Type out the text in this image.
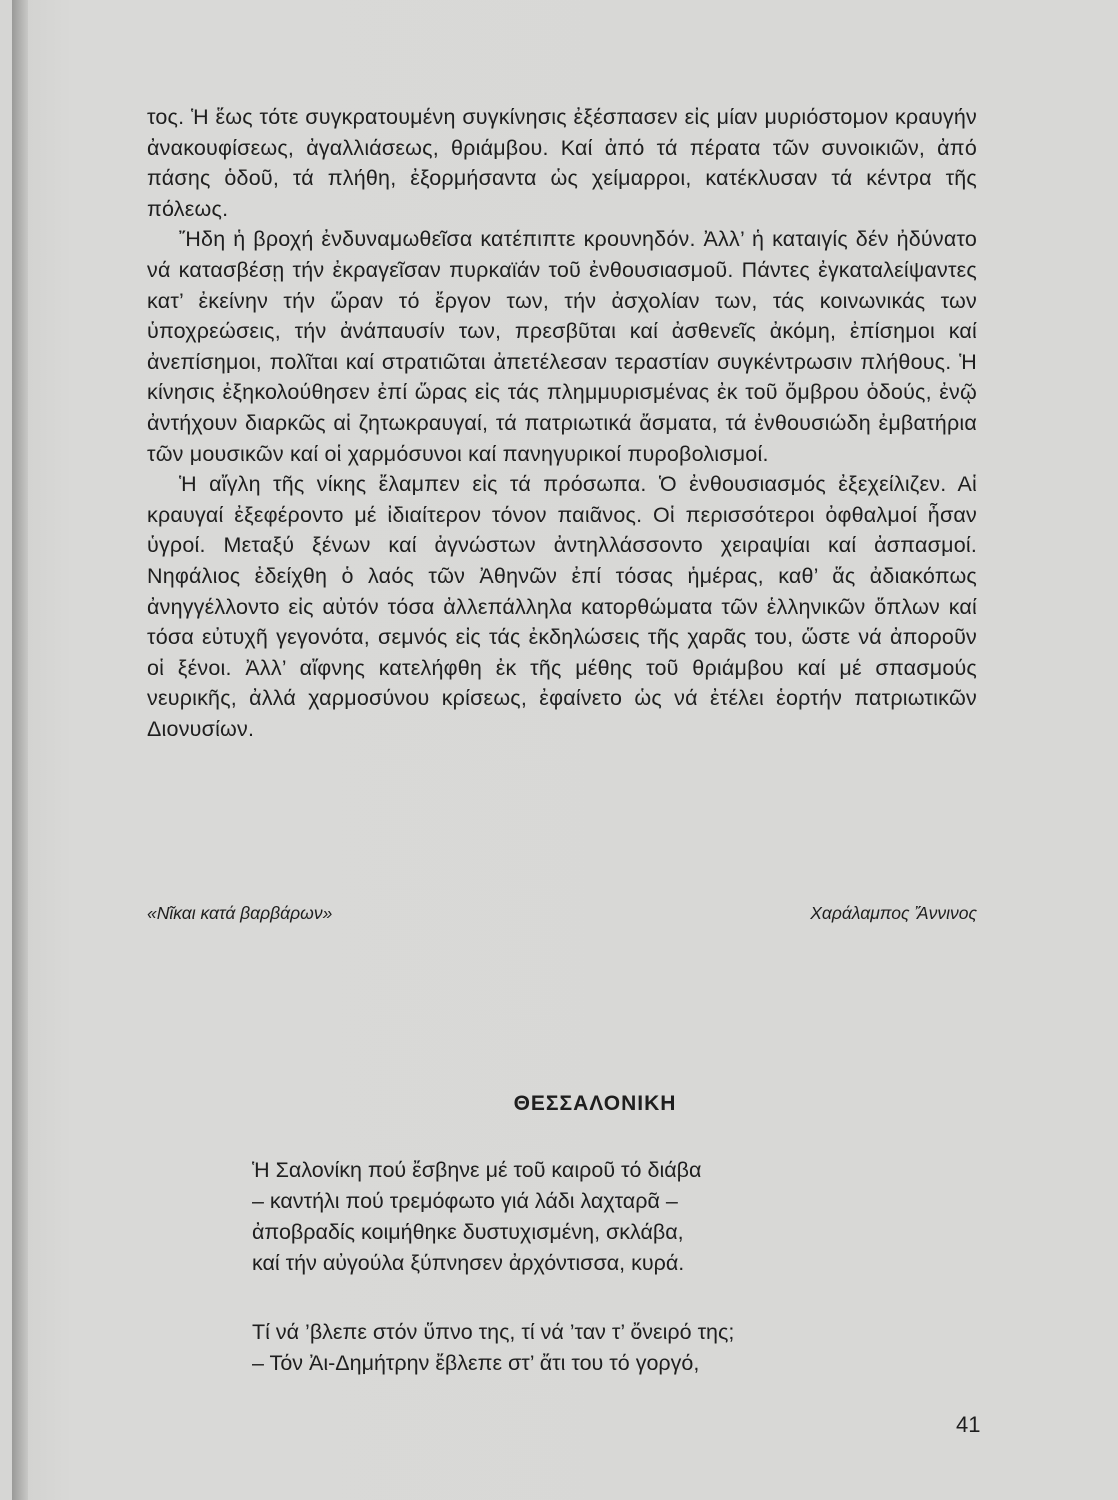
τος. Ἡ ἕως τότε συγκρατουμένη συγκίνησις ἐξέσπασεν εἰς μίαν μυριόστομον κραυγήν ἀνακουφίσεως, ἀγαλλιάσεως, θριάμβου. Καί ἀπό τά πέρατα τῶν συνοικιῶν, ἀπό πάσης ὁδοῦ, τά πλήθη, ἐξορμήσαντα ὡς χείμαρροι, κατέκλυσαν τά κέντρα τῆς πόλεως.

Ἤδη ἡ βροχή ἐνδυναμωθεῖσα κατέπιπτε κρουνηδόν. Ἀλλ’ ἡ καταιγίς δέν ἠδύνατο νά κατασβέσῃ τήν ἐκραγεῖσαν πυρκαϊάν τοῦ ἐνθουσιασμοῦ. Πάντες ἐγκαταλείψαντες κατ’ ἐκείνην τήν ὥραν τό ἔργον των, τήν ἀσχολίαν των, τάς κοινωνικάς των ὑποχρεώσεις, τήν ἀνάπαυσίν των, πρεσβῦται καί ἀσθενεῖς ἀκόμη, ἐπίσημοι καί ἀνεπίσημοι, πολῖται καί στρατιῶται ἀπετέλεσαν τεραστίαν συγκέντρωσιν πλήθους. Ἡ κίνησις ἐξηκολούθησεν ἐπί ὥρας εἰς τάς πλημμυρισμένας ἐκ τοῦ ὄμβρου ὁδούς, ἐνῷ ἀντήχουν διαρκῶς αἱ ζητωκραυγαί, τά πατριωτικά ἄσματα, τά ἐνθουσιώδη ἐμβατήρια τῶν μουσικῶν καί οἱ χαρμόσυνοι καί πανηγυρικοί πυροβολισμοί.

Ἡ αἴγλη τῆς νίκης ἔλαμπεν εἰς τά πρόσωπα. Ὁ ἐνθουσιασμός ἐξεχείλιζεν. Αἱ κραυγαί ἐξεφέροντο μέ ἰδιαίτερον τόνον παιᾶνος. Οἱ περισσότεροι ὀφθαλμοί ἦσαν ὑγροί. Μεταξύ ξένων καί ἀγνώστων ἀντηλλάσσοντο χειραψίαι καί ἀσπασμοί. Νηφάλιος ἐδείχθη ὁ λαός τῶν Ἀθηνῶν ἐπί τόσας ἡμέρας, καθ’ ἅς ἀδιακόπως ἀνηγγέλλοντο εἰς αὐτόν τόσα ἀλλεπάλληλα κατορθώματα τῶν ἑλληνικῶν ὅπλων καί τόσα εὐτυχῆ γεγονότα, σεμνός εἰς τάς ἐκδηλώσεις τῆς χαρᾶς του, ὥστε νά ἀποροῦν οἱ ξένοι. Ἀλλ’ αἴφνης κατελήφθη ἐκ τῆς μέθης τοῦ θριάμβου καί μέ σπασμούς νευρικῆς, ἀλλά χαρμοσύνου κρίσεως, ἐφαίνετο ὡς νά ἐτέλει ἑορτήν πατριωτικῶν Διονυσίων.

«Νῖκαι κατά βαρβάρων»	Χαράλαμπος Ἄννινος
ΘΕΣΣΑΛΟΝΙΚΗ
Ἡ Σαλονίκη πού ἔσβηνε μέ τοῦ καιροῦ τό διάβα
– καντήλι πού τρεμόφωτο γιά λάδι λαχταρᾶ –
ἀποβραδίς κοιμήθηκε δυστυχισμένη, σκλάβα,
καί τήν αὐγούλα ξύπνησεν ἀρχόντισσα, κυρά.
Τί νά ’βλεπε στόν ὕπνο της, τί νά ’ταν τ’ ὄνειρό της;
– Τόν Ἀι-Δημήτρην ἔβλεπε στ’ ἄτι του τό γοργό,
41
